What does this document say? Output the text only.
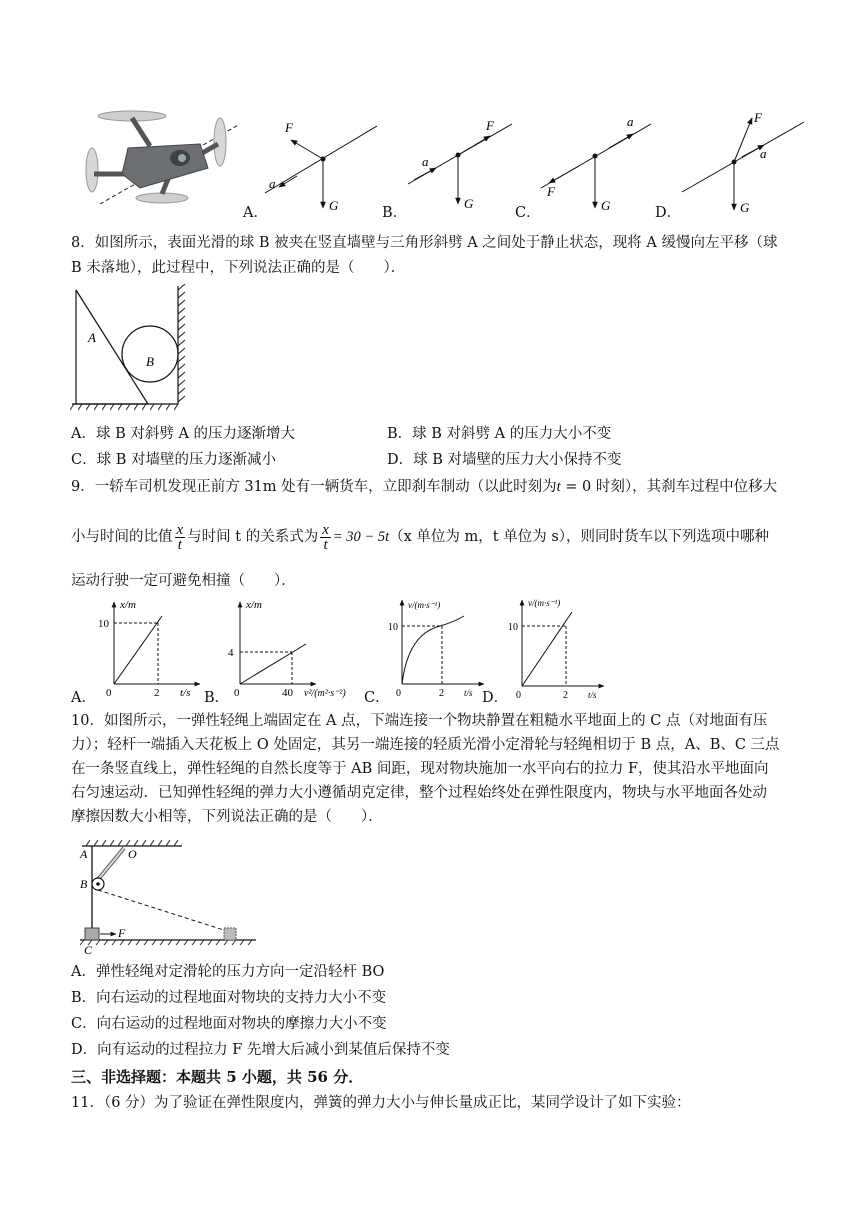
F
G
a
A．
F
G
a
B．
a
G
F
C．
F
a
G
D．
8．如图所示，表面光滑的球 B 被夹在竖直墙壁与三角形斜劈 A 之间处于静止状态，现将 A 缓慢向左平移（球
B 未落地），此过程中，下列说法正确的是（　　）．
A
B
A．球 B 对斜劈 A 的压力逐渐增大	B．球 B 对斜劈 A 的压力大小不变
C．球 B 对墙壁的压力逐渐减小	D．球 B 对墙壁的压力大小保持不变
9．一轿车司机发现正前方 31m 处有一辆货车，立即刹车制动（以此时刻为t = 0 时刻），其刹车过程中位移大
小与时间的比值 $\frac{x}{t}$ 与时间 t 的关系式为 $\frac{x}{t} = 30 - 5t(x$ 单位为 m，t 单位为 s），则同时货车以下列选项中哪种
运动行驶一定可避免相撞（　　）．
x/m
10
2
0	t/s
A．
x/m
4
40
0	v²/(m²·s⁻²)
B．
v/(m·s⁻¹)
10
2
0	t/s
C．
v/(m·s⁻¹)
10
2
0	t/s
D．
10．如图所示，一弹性轻绳上端固定在 A 点，下端连接一个物块静置在粗糙水平地面上的 C 点（对地面有压
力）；轻杆一端插入天花板上 O 处固定，其另一端连接的轻质光滑小定滑轮与轻绳相切于 B 点，A、B、C 三点
在一条竖直线上，弹性轻绳的自然长度等于 AB 间距，现对物块施加一水平向右的拉力 F，使其沿水平地面向
右匀速运动．已知弹性轻绳的弹力大小遵循胡克定律，整个过程始终处在弹性限度内，物块与水平地面各处动
摩擦因数大小相等，下列说法正确的是（　　）．
F
A	O
B
C
A．弹性轻绳对定滑轮的压力方向一定沿轻杆 BO
B．向右运动的过程地面对物块的支持力大小不变
C．向右运动的过程地面对物块的摩擦力大小不变
D．向有运动的过程拉力 F 先增大后减小到某值后保持不变
三、非选择题：本题共 5 小题，共 56 分．
11．（6 分）为了验证在弹性限度内，弹簧的弹力大小与伸长量成正比，某同学设计了如下实验：
